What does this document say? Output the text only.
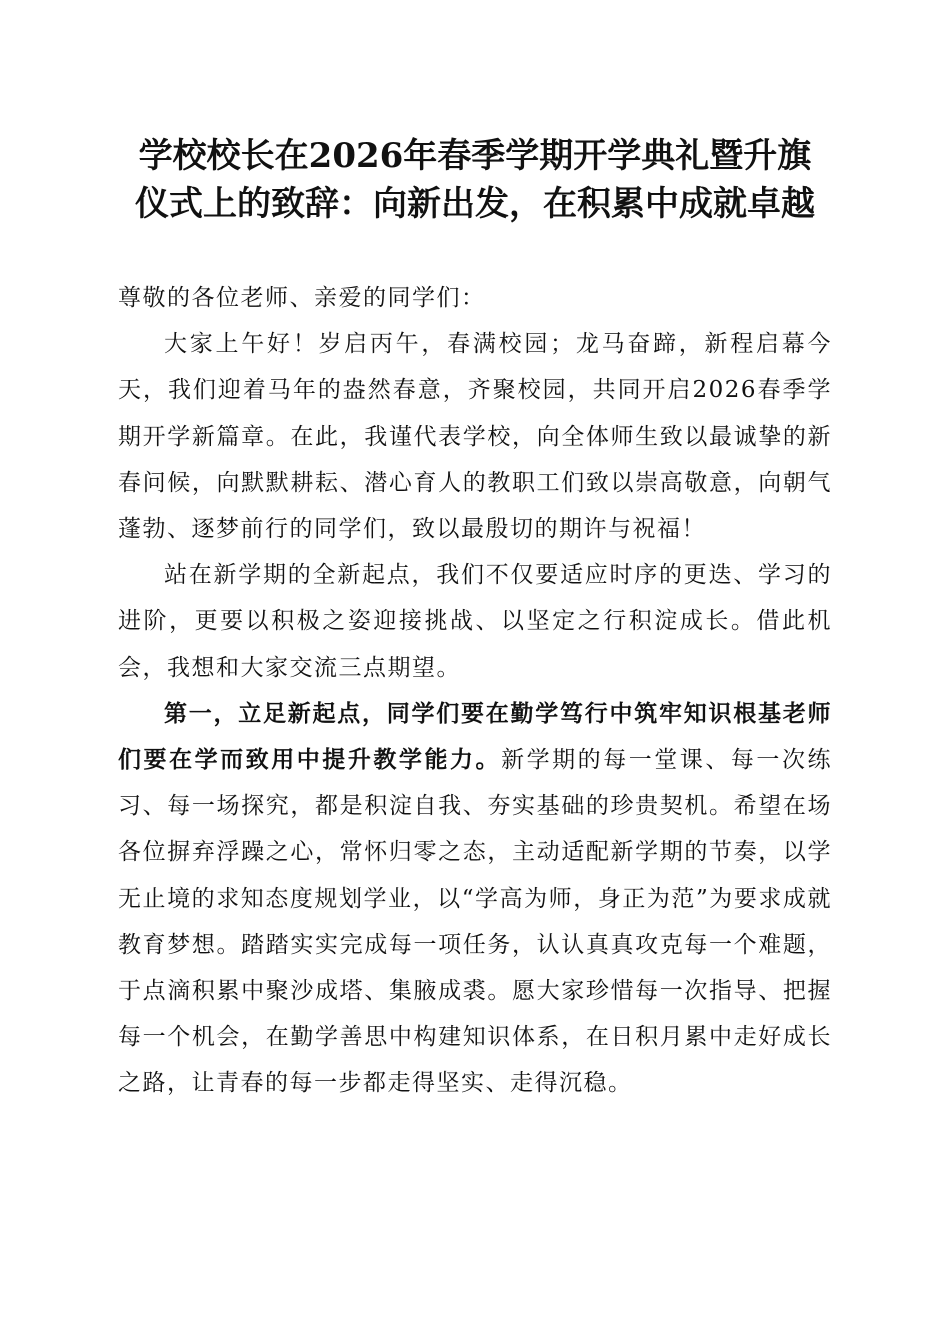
学校校长在2026年春季学期开学典礼暨升旗
仪式上的致辞：向新出发，在积累中成就卓越

尊敬的各位老师、亲爱的同学们：

大家上午好！岁启丙午，春满校园；龙马奋蹄，新程启幕今天，我们迎着马年的盎然春意，齐聚校园，共同开启2026春季学期开学新篇章。在此，我谨代表学校，向全体师生致以最诚挚的新春问候，向默默耕耘、潜心育人的教职工们致以崇高敬意，向朝气蓬勃、逐梦前行的同学们，致以最殷切的期许与祝福！

站在新学期的全新起点，我们不仅要适应时序的更迭、学习的进阶，更要以积极之姿迎接挑战、以坚定之行积淀成长。借此机会，我想和大家交流三点期望。

第一，立足新起点，同学们要在勤学笃行中筑牢知识根基老师们要在学而致用中提升教学能力。新学期的每一堂课、每一次练习、每一场探究，都是积淀自我、夯实基础的珍贵契机。希望在场各位摒弃浮躁之心，常怀归零之态，主动适配新学期的节奏，以学无止境的求知态度规划学业，以“学高为师，身正为范”为要求成就教育梦想。踏踏实实完成每一项任务，认认真真攻克每一个难题，于点滴积累中聚沙成塔、集腋成裘。愿大家珍惜每一次指导、把握每一个机会，在勤学善思中构建知识体系，在日积月累中走好成长之路，让青春的每一步都走得坚实、走得沉稳。
